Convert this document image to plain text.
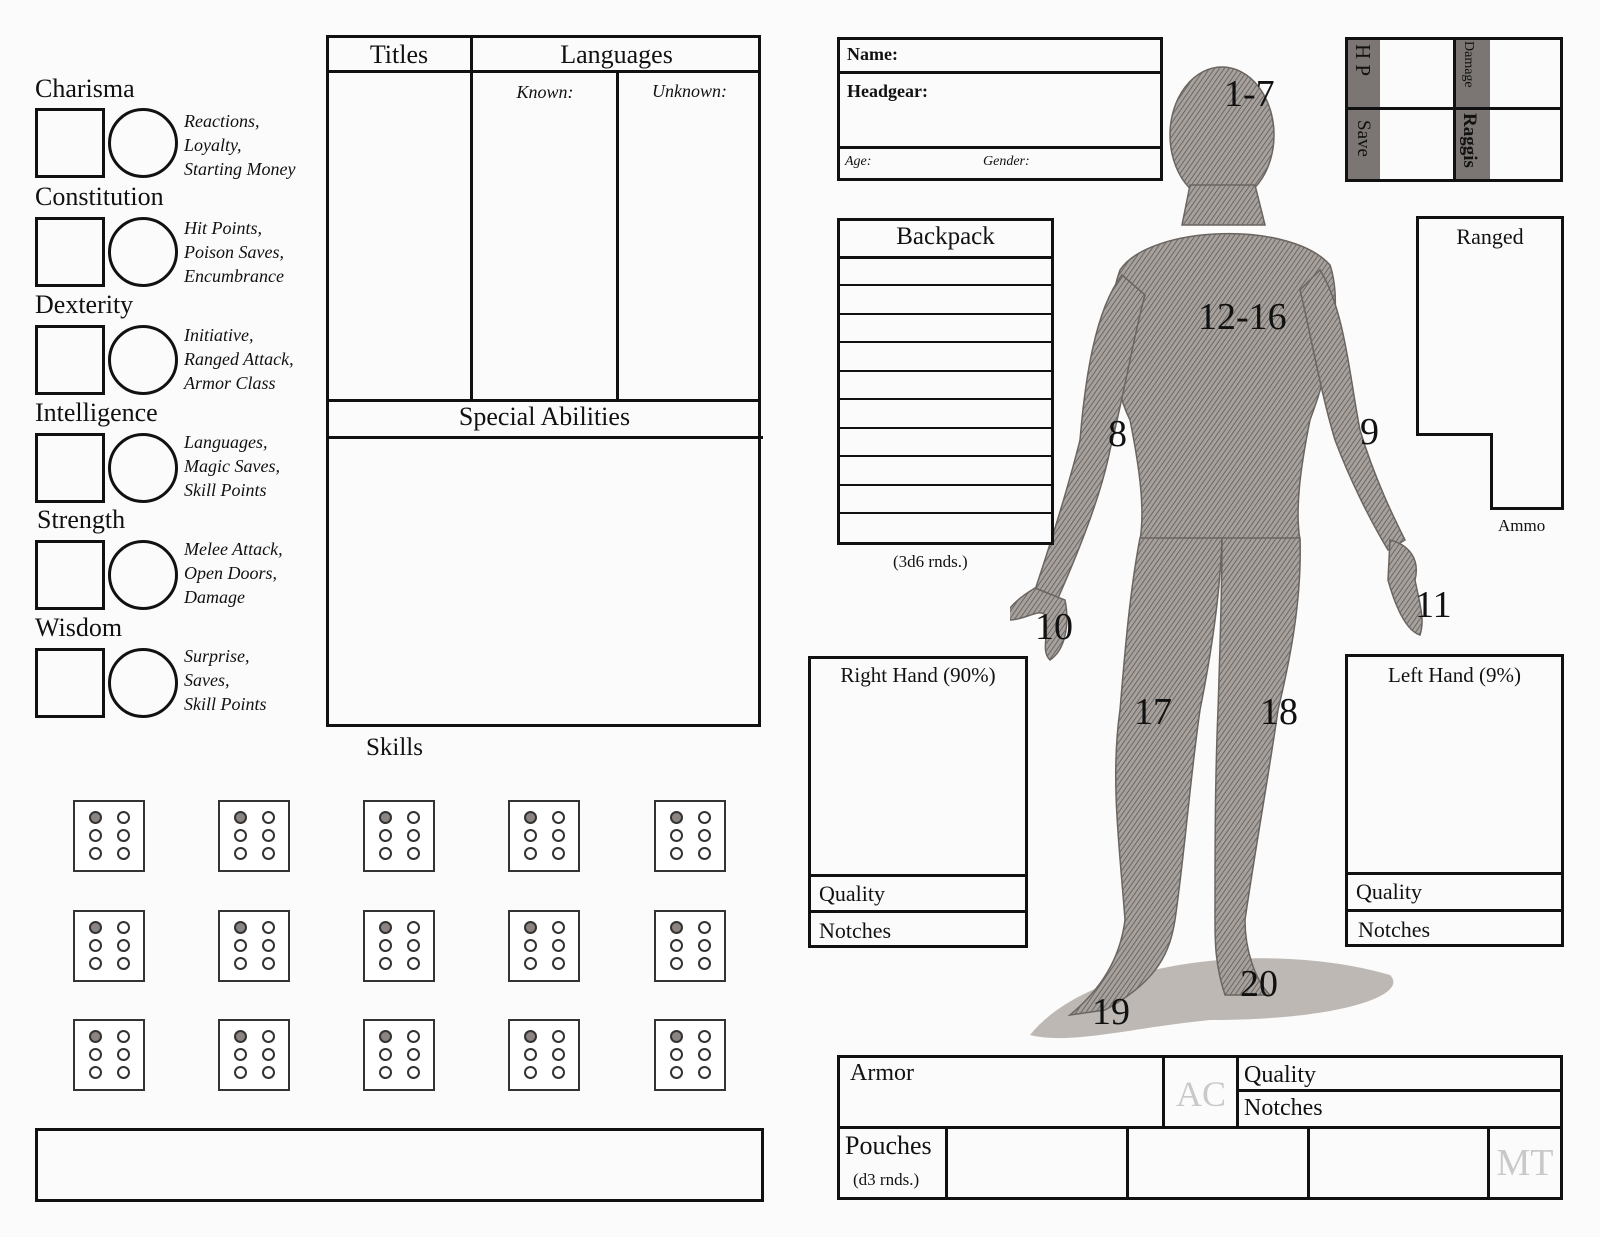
Charisma
Reactions,
Loyalty,
Starting Money
Constitution
Hit Points,
Poison Saves,
Encumbrance
Dexterity
Initiative,
Ranged Attack,
Armor Class
Intelligence
Languages,
Magic Saves,
Skill Points
Strength
Melee Attack,
Open Doors,
Damage
Wisdom
Surprise,
Saves,
Skill Points
Titles	Languages
Known:	Unknown:
Special Abilities
Skills
Name:
Headgear:
Age:	Gender:
H P
Save
Damage
Raggis
1-7
12-16
8	9
10
11
17 18
19
20
Backpack
(3d6 rnds.)
Ranged
Ammo
Right Hand (90%)
Quality
Notches
Left Hand (9%)
Quality
Notches
Armor
AC Quality
Notches
Pouches
(d3 rnds.)	MT
